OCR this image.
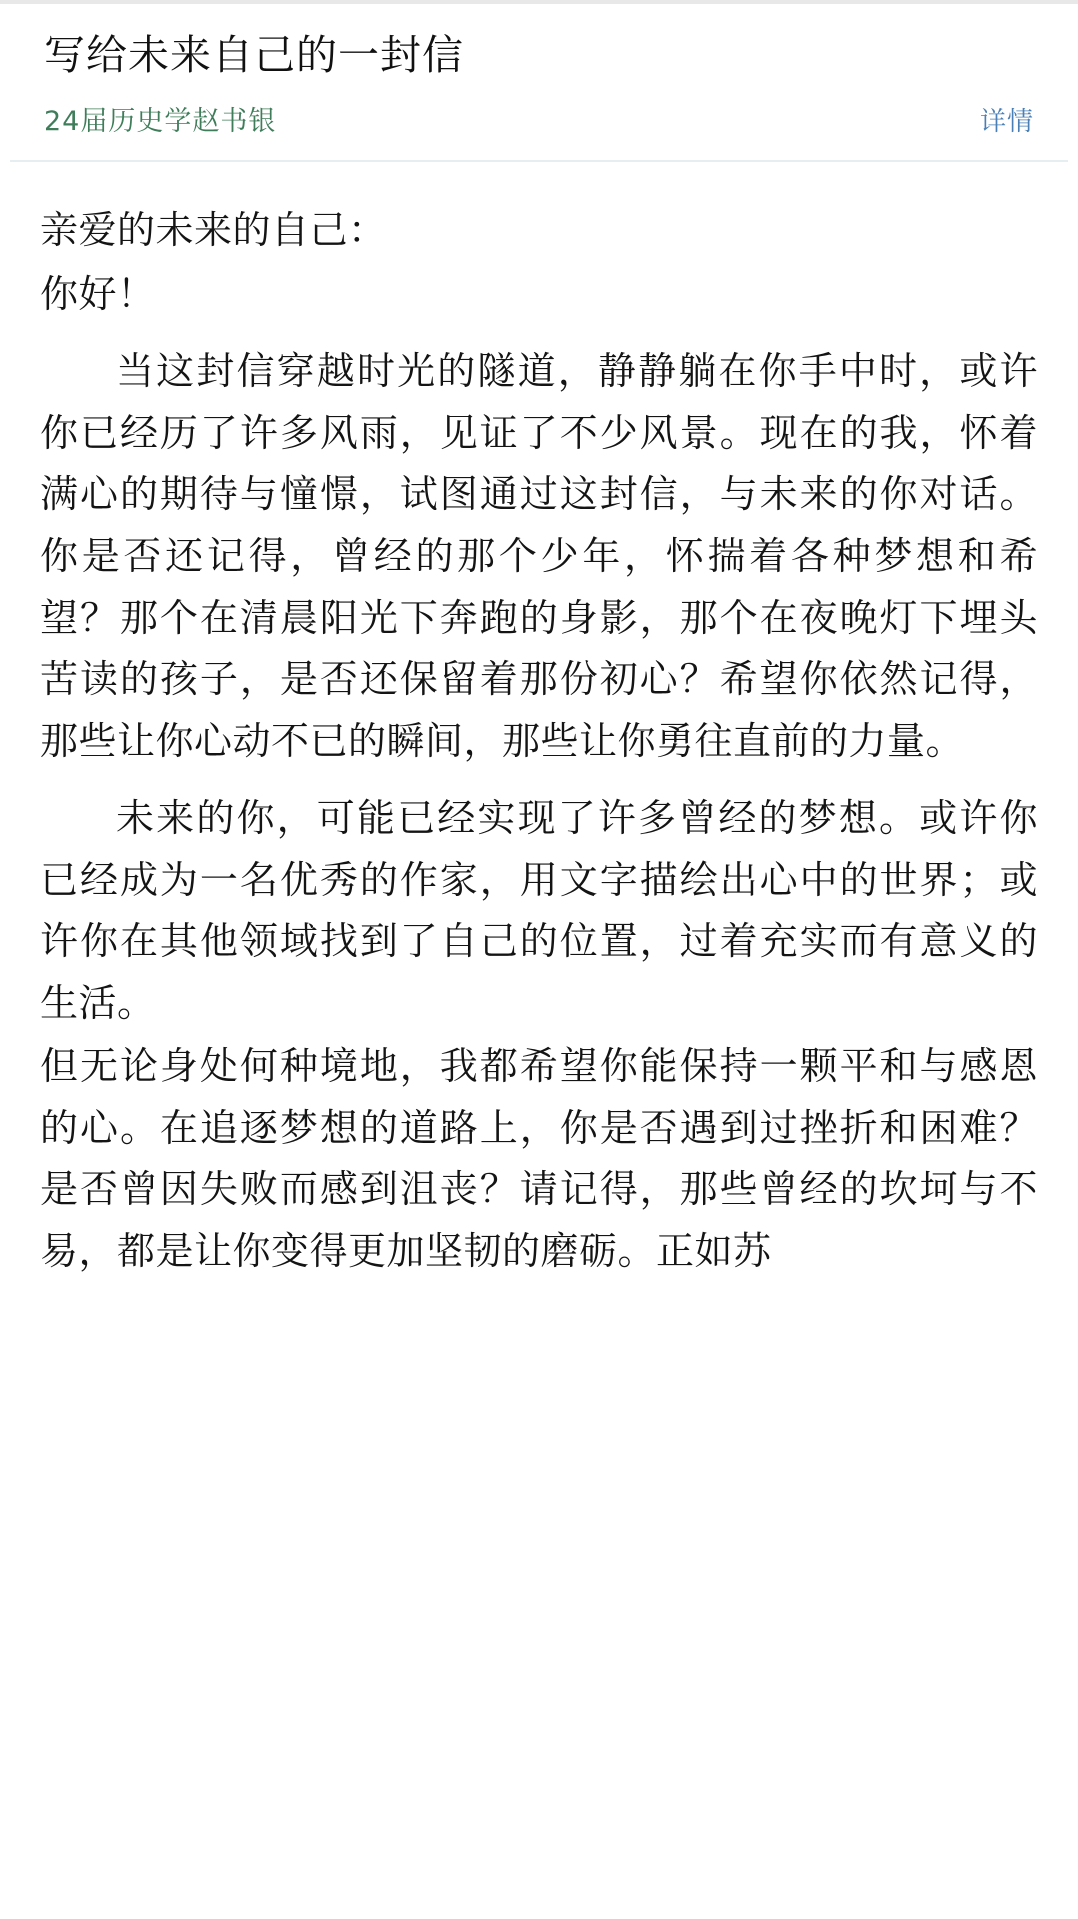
写给未来自己的一封信
24届历史学赵书银	详情

亲爱的未来的自己：

你好！

当这封信穿越时光的隧道，静静躺在你手中时，或许你已经历了许多风雨，见证了不少风景。现在的我，怀着满心的期待与憧憬，试图通过这封信，与未来的你对话。你是否还记得，曾经的那个少年，怀揣着各种梦想和希望？那个在清晨阳光下奔跑的身影，那个在夜晚灯下埋头苦读的孩子，是否还保留着那份初心？希望你依然记得，那些让你心动不已的瞬间，那些让你勇往直前的力量。

未来的你，可能已经实现了许多曾经的梦想。或许你已经成为一名优秀的作家，用文字描绘出心中的世界；或许你在其他领域找到了自己的位置，过着充实而有意义的生活。

但无论身处何种境地，我都希望你能保持一颗平和与感恩的心。在追逐梦想的道路上，你是否遇到过挫折和困难？是否曾因失败而感到沮丧？请记得，那些曾经的坎坷与不易，都是让你变得更加坚韧的磨砺。正如苏
